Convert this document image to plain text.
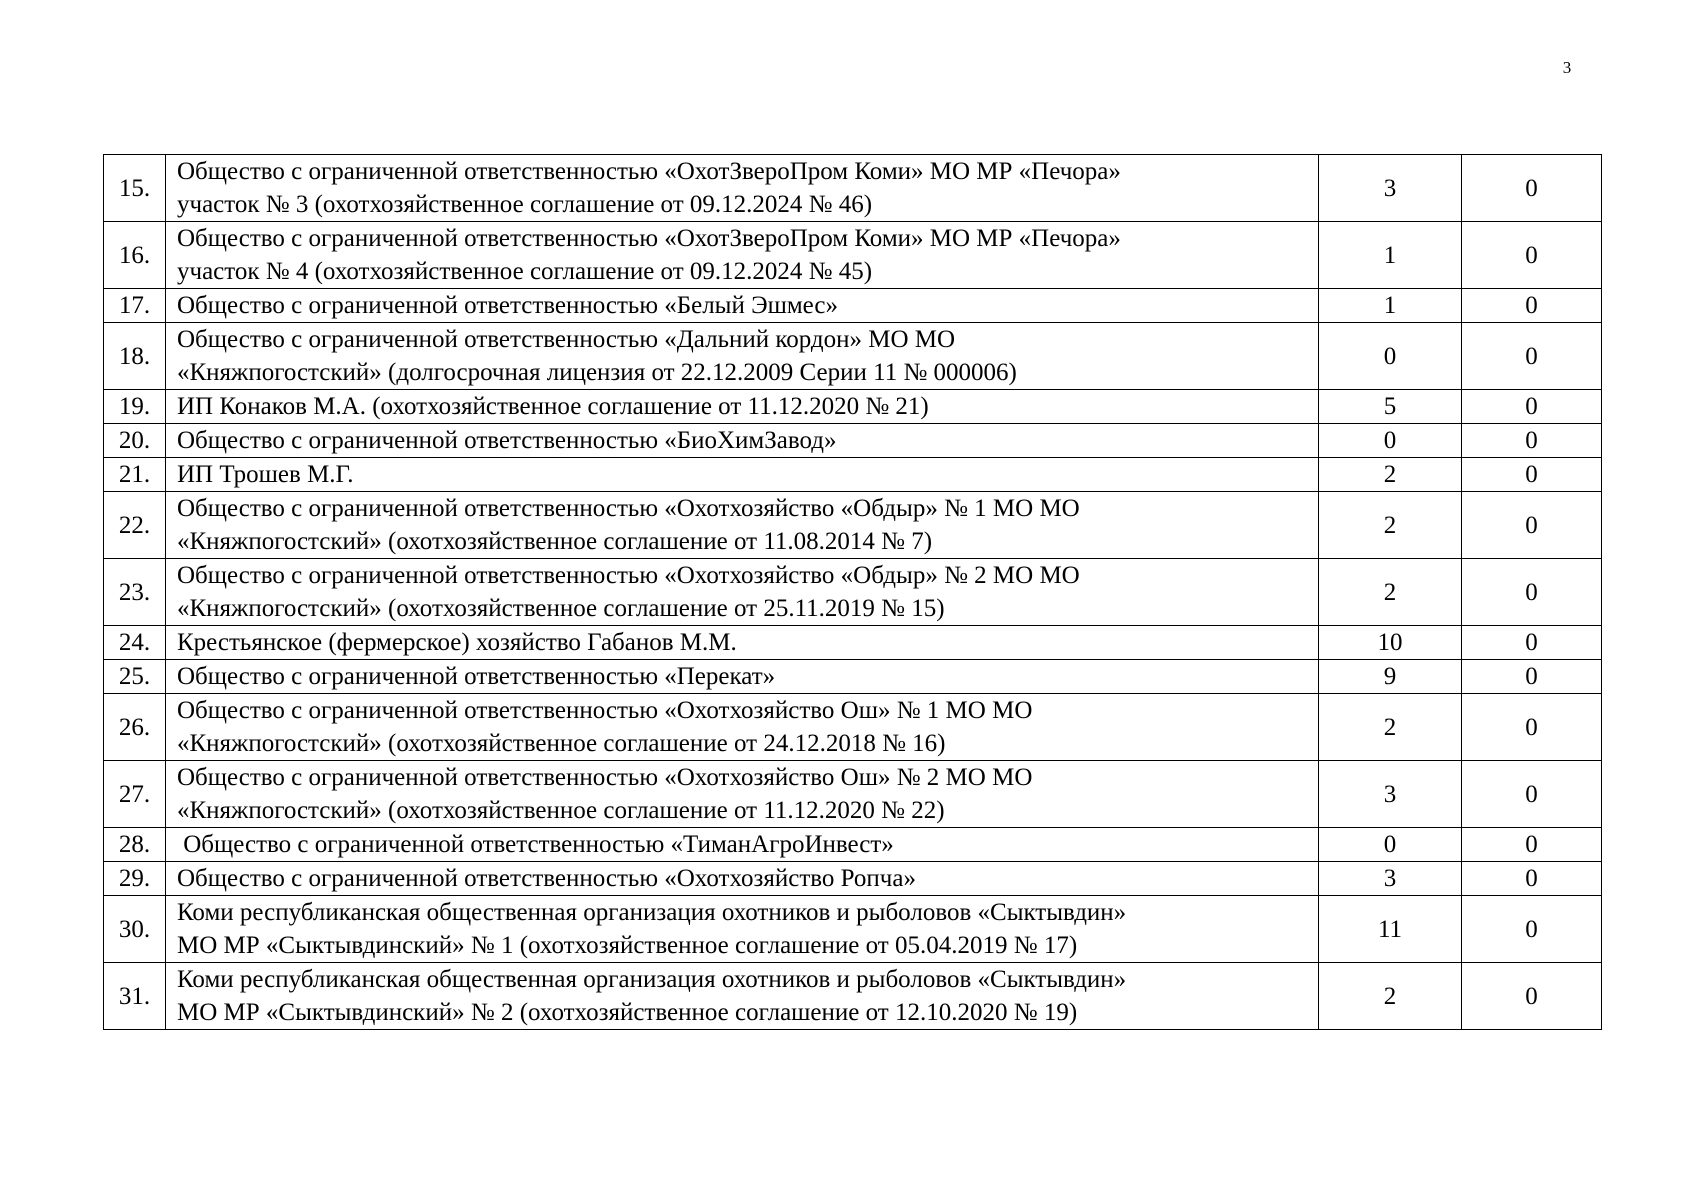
3
15.	Общество с ограниченной ответственностью «ОхотЗвероПром Коми» МО МР «Печора»
участок № 3 (охотхозяйственное соглашение от 09.12.2024 № 46)	3	0
16.	Общество с ограниченной ответственностью «ОхотЗвероПром Коми» МО МР «Печора»
участок № 4 (охотхозяйственное соглашение от 09.12.2024 № 45)	1	0
17.	Общество с ограниченной ответственностью «Белый Эшмес»	1	0
18.	Общество с ограниченной ответственностью «Дальний кордон» МО МО
«Княжпогостский» (долгосрочная лицензия от 22.12.2009 Серии 11 № 000006)	0	0
19.	ИП Конаков М.А. (охотхозяйственное соглашение от 11.12.2020 № 21)	5	0
20.	Общество с ограниченной ответственностью «БиоХимЗавод»	0	0
21.	ИП Трошев М.Г.	2	0
22.	Общество с ограниченной ответственностью «Охотхозяйство «Обдыр» № 1 МО МО
«Княжпогостский» (охотхозяйственное соглашение от 11.08.2014 № 7)	2	0
23.	Общество с ограниченной ответственностью «Охотхозяйство «Обдыр» № 2 МО МО
«Княжпогостский» (охотхозяйственное соглашение от 25.11.2019 № 15)	2	0
24.	Крестьянское (фермерское) хозяйство Габанов М.М.	10	0
25.	Общество с ограниченной ответственностью «Перекат»	9	0
26.	Общество с ограниченной ответственностью «Охотхозяйство Ош» № 1 МО МО
«Княжпогостский» (охотхозяйственное соглашение от 24.12.2018 № 16)	2	0
27.	Общество с ограниченной ответственностью «Охотхозяйство Ош» № 2 МО МО
«Княжпогостский» (охотхозяйственное соглашение от 11.12.2020 № 22)	3	0
28.	Общество с ограниченной ответственностью «ТиманАгроИнвест»	0	0
29.	Общество с ограниченной ответственностью «Охотхозяйство Ропча»	3	0
30.	Коми республиканская общественная организация охотников и рыболовов «Сыктывдин»
МО МР «Сыктывдинский» № 1 (охотхозяйственное соглашение от 05.04.2019 № 17)	11	0
31.	Коми республиканская общественная организация охотников и рыболовов «Сыктывдин»
МО МР «Сыктывдинский» № 2 (охотхозяйственное соглашение от 12.10.2020 № 19)	2	0
